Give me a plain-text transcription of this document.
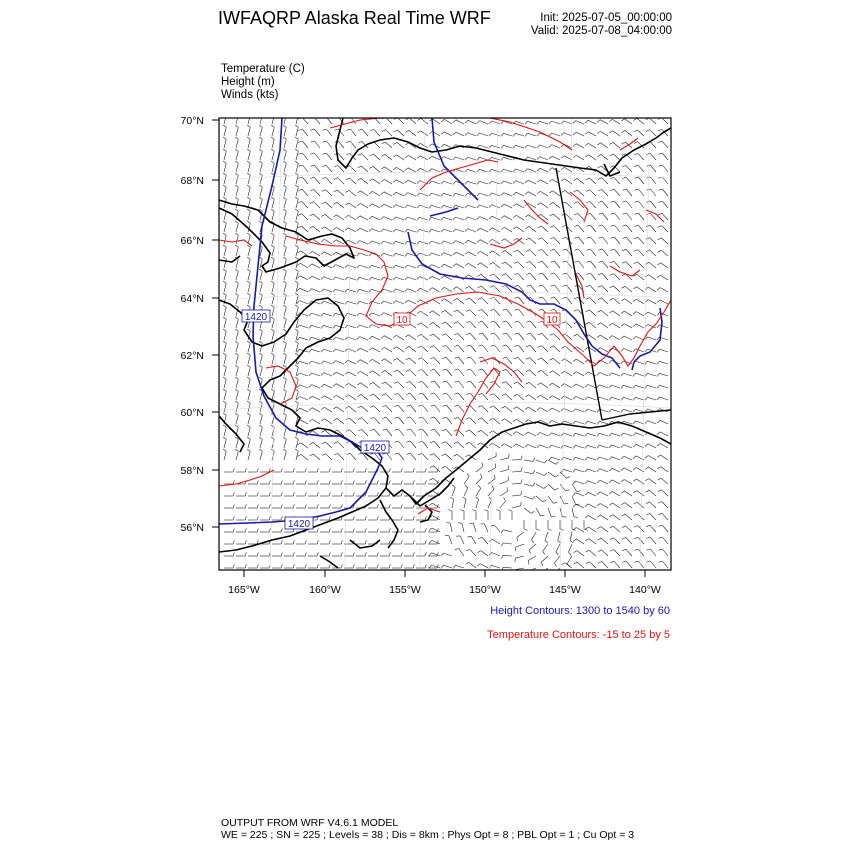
IWFAQRP Alaska Real Time WRF	Init: 2025-07-05_00:00:00
Valid: 2025-07-08_04:00:00
Temperature (C)
Height (m)
Winds (kts)
1420
1420
1420
10	10
70°N
68°N
66°N
64°N
62°N
60°N
58°N
56°N
165°W	160°W	155°W	150°W	145°W	140°W
Height Contours: 1300 to 1540 by 60
Temperature Contours: -15 to 25 by 5
OUTPUT FROM WRF V4.6.1 MODEL
WE = 225 ; SN = 225 ; Levels = 38 ; Dis = 8km ; Phys Opt = 8 ; PBL Opt = 1 ; Cu Opt = 3
